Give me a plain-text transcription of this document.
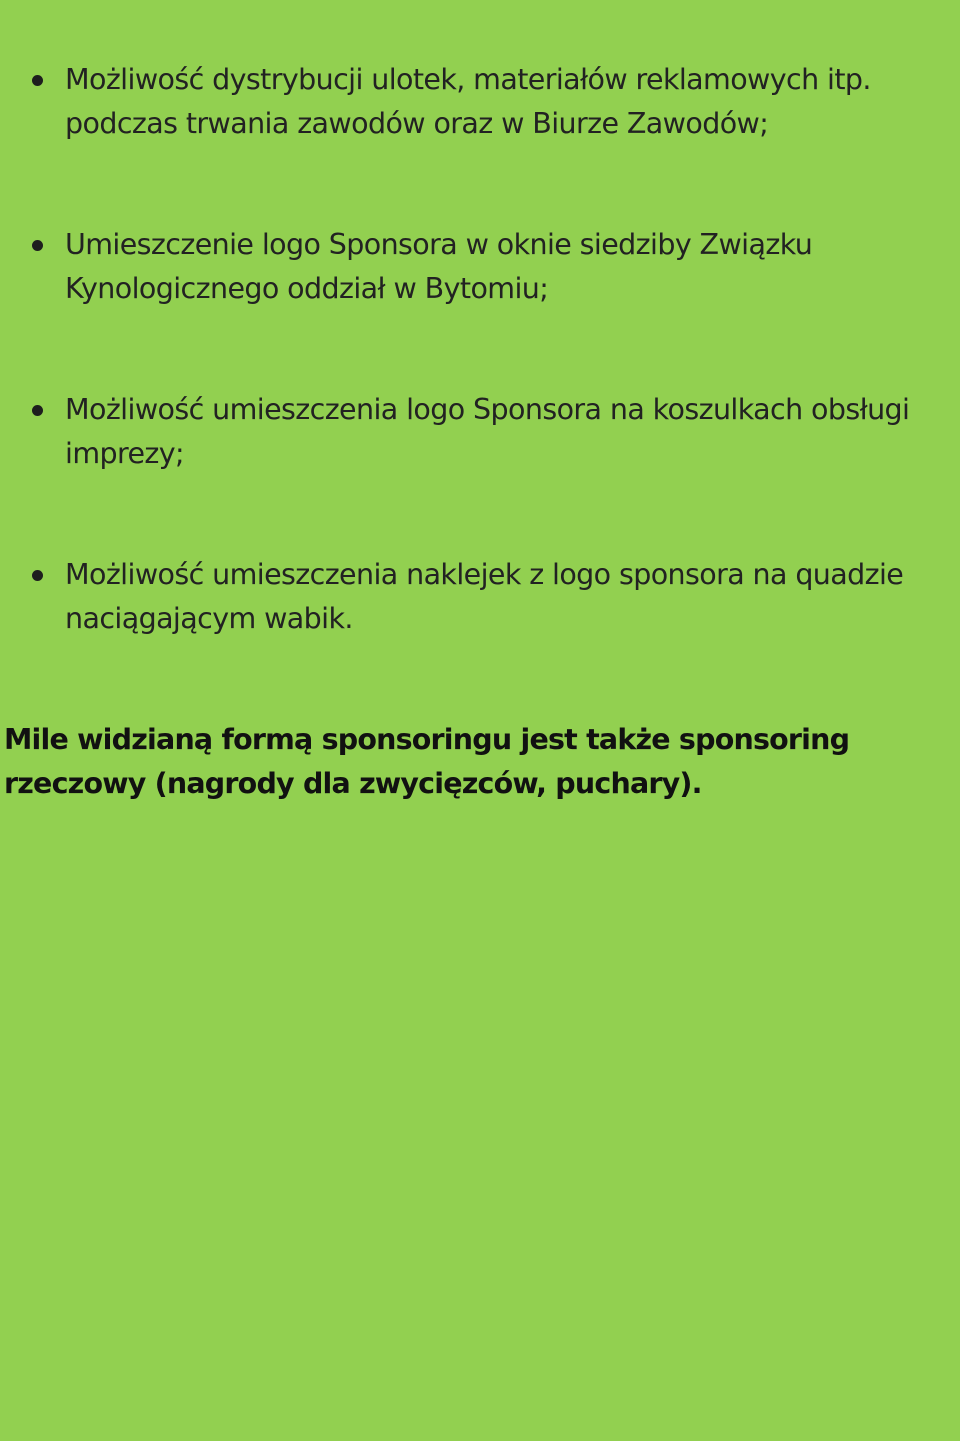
Możliwość dystrybucji ulotek, materiałów reklamowych itp. podczas trwania zawodów oraz w Biurze Zawodów;
Umieszczenie logo Sponsora w oknie siedziby Związku Kynologicznego oddział w Bytomiu;
Możliwość umieszczenia logo Sponsora na koszulkach obsługi imprezy;
Możliwość umieszczenia naklejek z logo sponsora na quadzie naciągającym wabik.

Mile widzianą formą sponsoringu jest także sponsoring rzeczowy (nagrody dla zwycięzców, puchary).
